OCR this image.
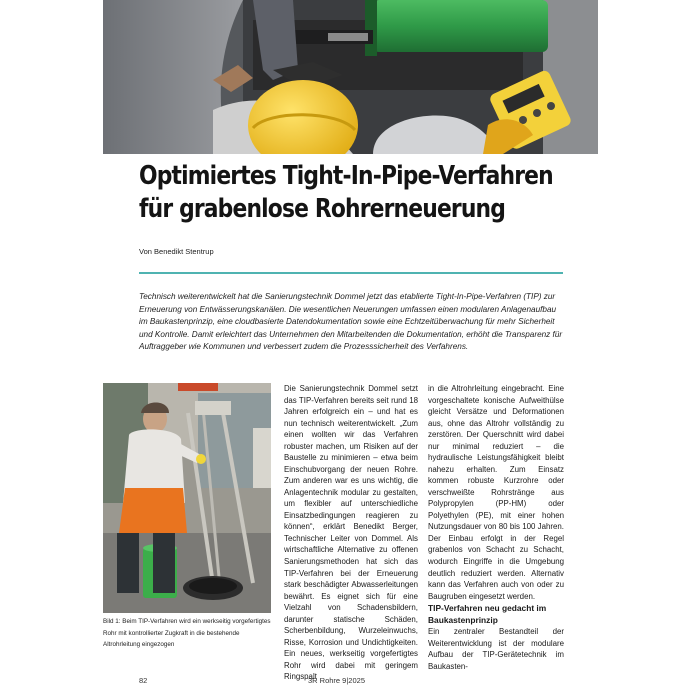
Optimiertes Tight-In-Pipe-Verfahren
für grabenlose Rohrerneuerung
Von Benedikt Stentrup
Technisch weiterentwickelt hat die Sanierungstechnik Dommel jetzt das etablierte Tight-In-Pipe-Verfahren (TIP) zur Erneuerung von Entwässerungskanälen. Die wesentlichen Neuerungen umfassen einen modularen Anlagenaufbau im Baukastenprinzip, eine cloudbasierte Datendokumentation sowie eine Echtzeitüberwachung für mehr Sicherheit und Kontrolle. Damit erleichtert das Unternehmen den Mitarbeitenden die Dokumentation, erhöht die Transparenz für Auftraggeber wie Kommunen und verbessert zudem die Prozesssicherheit des Verfahrens.
Bild 1: Beim TIP-Verfahren wird ein werkseitig vorgefertigtes Rohr mit kontrollierter Zugkraft in die bestehende Altrohrleitung eingezogen

Die Sanierungstechnik Dommel setzt das TIP-Verfahren bereits seit rund 18 Jahren erfolgreich ein – und hat es nun technisch weiterentwickelt. „Zum einen wollten wir das Verfahren robuster machen, um Risiken auf der Baustelle zu minimieren – etwa beim Einschubvorgang der neuen Rohre. Zum anderen war es uns wichtig, die Anlagentechnik modular zu gestalten, um flexibler auf unterschiedliche Einsatzbedingungen reagieren zu können“, erklärt Benedikt Berger, Technischer Leiter von Dommel. Als wirtschaftliche Alternative zu offenen Sanierungsmethoden hat sich das TIP-Verfahren bei der Erneuerung stark beschädigter Abwasserleitungen bewährt. Es eignet sich für eine Vielzahl von Schadensbildern, darunter statische Schäden, Scherbenbildung, Wurzeleinwuchs, Risse, Korrosion und Undichtigkeiten. Ein neues, werkseitig vorgefertigtes Rohr wird dabei mit geringem Ringspalt

in die Altrohrleitung eingebracht. Eine vorgeschaltete konische Aufweithülse gleicht Versätze und Deformationen aus, ohne das Altrohr vollständig zu zerstören. Der Querschnitt wird dabei nur minimal reduziert – die hydraulische Leistungsfähigkeit bleibt nahezu erhalten. Zum Einsatz kommen robuste Kurzrohre oder verschweißte Rohrstränge aus Polypropylen (PP-HM) oder Polyethylen (PE), mit einer hohen Nutzungsdauer von 80 bis 100 Jahren. Der Einbau erfolgt in der Regel grabenlos von Schacht zu Schacht, wodurch Eingriffe in die Umgebung deutlich reduziert werden. Alternativ kann das Verfahren auch von oder zu Baugruben eingesetzt werden.

TIP-Verfahren neu gedacht im
Baukastenprinzip

Ein zentraler Bestandteil der Weiterentwicklung ist der modulare Aufbau der TIP-Gerätetechnik im Baukasten-

82	3R Rohre 9|2025
